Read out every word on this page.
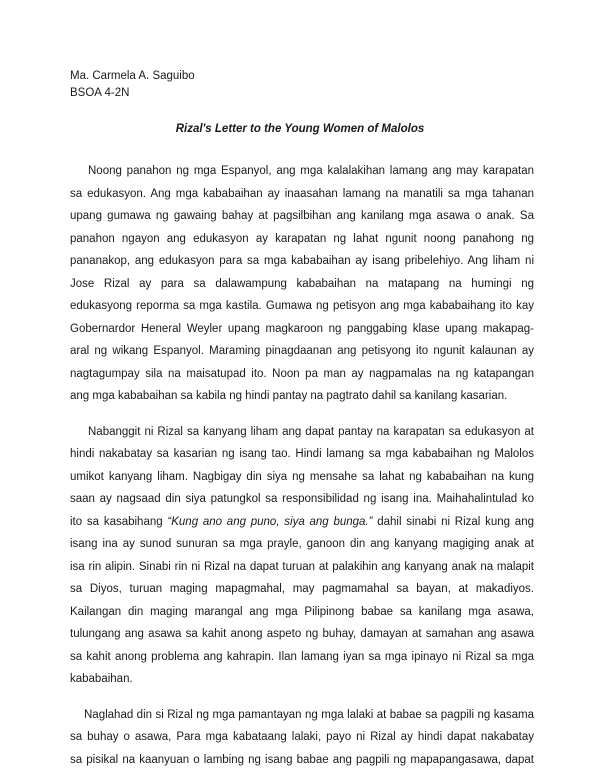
Ma. Carmela A. Saguibo
BSOA 4-2N
Rizal's Letter to the Young Women of Malolos
Noong panahon ng mga Espanyol, ang mga kalalakihan lamang ang may karapatan
sa edukasyon. Ang mga kababaihan ay inaasahan lamang na manatili sa mga tahanan
upang gumawa ng gawaing bahay at pagsilbihan ang kanilang mga asawa o anak. Sa
panahon ngayon ang edukasyon ay karapatan ng lahat ngunit noong panahong ng
pananakop, ang edukasyon para sa mga kababaihan ay isang pribelehiyo. Ang liham ni
Jose Rizal ay para sa dalawampung kababaihan na matapang na humingi ng
edukasyong reporma sa mga kastila. Gumawa ng petisyon ang mga kababaihang ito kay
Gobernardor Heneral Weyler upang magkaroon ng panggabing klase upang makapag-
aral ng wikang Espanyol. Maraming pinagdaanan ang petisyong ito ngunit kalaunan ay
nagtagumpay sila na maisatupad ito. Noon pa man ay nagpamalas na ng katapangan
ang mga kababaihan sa kabila ng hindi pantay na pagtrato dahil sa kanilang kasarian.
Nabanggit ni Rizal sa kanyang liham ang dapat pantay na karapatan sa edukasyon at
hindi nakabatay sa kasarian ng isang tao. Hindi lamang sa mga kababaihan ng Malolos
umikot kanyang liham. Nagbigay din siya ng mensahe sa lahat ng kababaihan na kung
saan ay nagsaad din siya patungkol sa responsibilidad ng isang ina. Maihahalintulad ko
ito sa kasabihang “Kung ano ang puno, siya ang bunga.” dahil sinabi ni Rizal kung ang
isang ina ay sunod sunuran sa mga prayle, ganoon din ang kanyang magiging anak at
isa rin alipin. Sinabi rin ni Rizal na dapat turuan at palakihin ang kanyang anak na malapit
sa Diyos, turuan maging mapagmahal, may pagmamahal sa bayan, at makadiyos.
Kailangan din maging marangal ang mga Pilipinong babae sa kanilang mga asawa,
tulungang ang asawa sa kahit anong aspeto ng buhay, damayan at samahan ang asawa
sa kahit anong problema ang kahrapin. Ilan lamang iyan sa mga ipinayo ni Rizal sa mga
kababaihan.
Naglahad din si Rizal ng mga pamantayan ng mga lalaki at babae sa pagpili ng kasama
sa buhay o asawa, Para mga kabataang lalaki, payo ni Rizal ay hindi dapat nakabatay
sa pisikal na kaanyuan o lambing ng isang babae ang pagpili ng mapapangasawa, dapat
